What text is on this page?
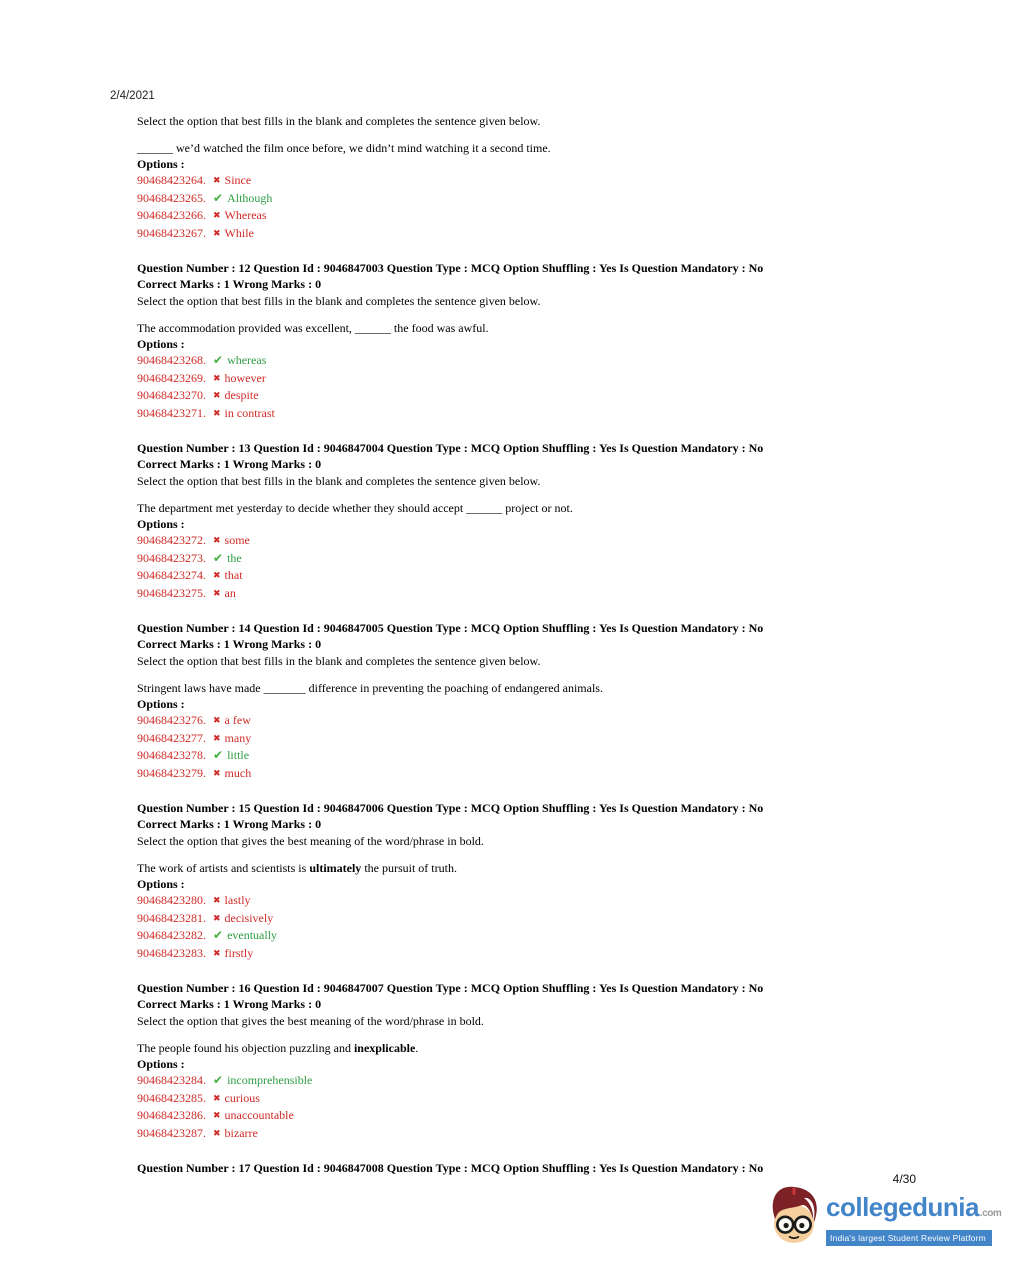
2/4/2021

Select the option that best fills in the blank and completes the sentence given below.

______ we’d watched the film once before, we didn’t mind watching it a second time.

Options :

90468423264. ✖ Since
90468423265. ✔ Although
90468423266. ✖ Whereas
90468423267. ✖ While

Question Number : 12 Question Id : 9046847003 Question Type : MCQ Option Shuffling : Yes Is Question Mandatory : No

Correct Marks : 1 Wrong Marks : 0

Select the option that best fills in the blank and completes the sentence given below.

The accommodation provided was excellent, ______ the food was awful.

Options :

90468423268. ✔ whereas
90468423269. ✖ however
90468423270. ✖ despite
90468423271. ✖ in contrast

Question Number : 13 Question Id : 9046847004 Question Type : MCQ Option Shuffling : Yes Is Question Mandatory : No

Correct Marks : 1 Wrong Marks : 0

Select the option that best fills in the blank and completes the sentence given below.

The department met yesterday to decide whether they should accept ______ project or not.

Options :

90468423272. ✖ some
90468423273. ✔ the
90468423274. ✖ that
90468423275. ✖ an

Question Number : 14 Question Id : 9046847005 Question Type : MCQ Option Shuffling : Yes Is Question Mandatory : No

Correct Marks : 1 Wrong Marks : 0

Select the option that best fills in the blank and completes the sentence given below.

Stringent laws have made _______ difference in preventing the poaching of endangered animals.

Options :

90468423276. ✖ a few
90468423277. ✖ many
90468423278. ✔ little
90468423279. ✖ much

Question Number : 15 Question Id : 9046847006 Question Type : MCQ Option Shuffling : Yes Is Question Mandatory : No

Correct Marks : 1 Wrong Marks : 0

Select the option that gives the best meaning of the word/phrase in bold.

The work of artists and scientists is ultimately the pursuit of truth.

Options :

90468423280. ✖ lastly
90468423281. ✖ decisively
90468423282. ✔ eventually
90468423283. ✖ firstly

Question Number : 16 Question Id : 9046847007 Question Type : MCQ Option Shuffling : Yes Is Question Mandatory : No

Correct Marks : 1 Wrong Marks : 0

Select the option that gives the best meaning of the word/phrase in bold.

The people found his objection puzzling and inexplicable.

Options :

90468423284. ✔ incomprehensible
90468423285. ✖ curious
90468423286. ✖ unaccountable
90468423287. ✖ bizarre

Question Number : 17 Question Id : 9046847008 Question Type : MCQ Option Shuffling : Yes Is Question Mandatory : No

4/30
collegedunia.com
India's largest Student Review Platform
